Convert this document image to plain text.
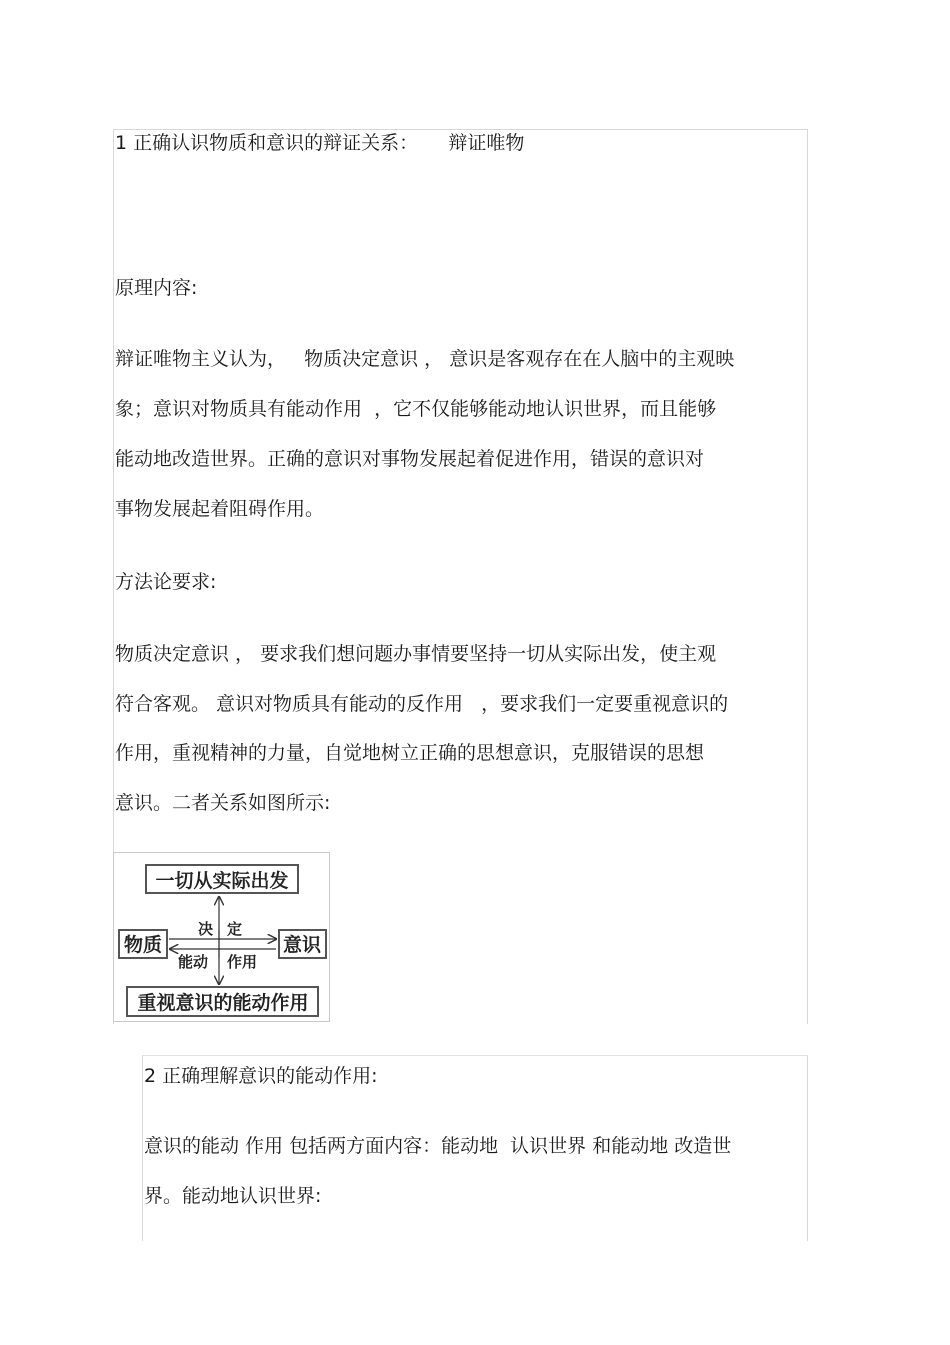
1 正确认识物质和意识的辩证关系：     辩证唯物
原理内容:
辩证唯物主义认为，   物质决定意识 ， 意识是客观存在在人脑中的主观映
象；意识对物质具有能动作用  ，它不仅能够能动地认识世界，而且能够
能动地改造世界。正确的意识对事物发展起着促进作用，错误的意识对
事物发展起着阻碍作用。
方法论要求:
物质决定意识 ， 要求我们想问题办事情要坚持一切从实际出发，使主观
符合客观。 意识对物质具有能动的反作用   ，要求我们一定要重视意识的
作用，重视精神的力量，自觉地树立正确的思想意识，克服错误的思想
意识。二者关系如图所示:
一切从实际出发
物质	意识
重视意识的能动作用
决 定
能动 作用
2 正确理解意识的能动作用:
意识的能动 作用 包括两方面内容：能动地  认识世界 和能动地 改造世
界。能动地认识世界:
